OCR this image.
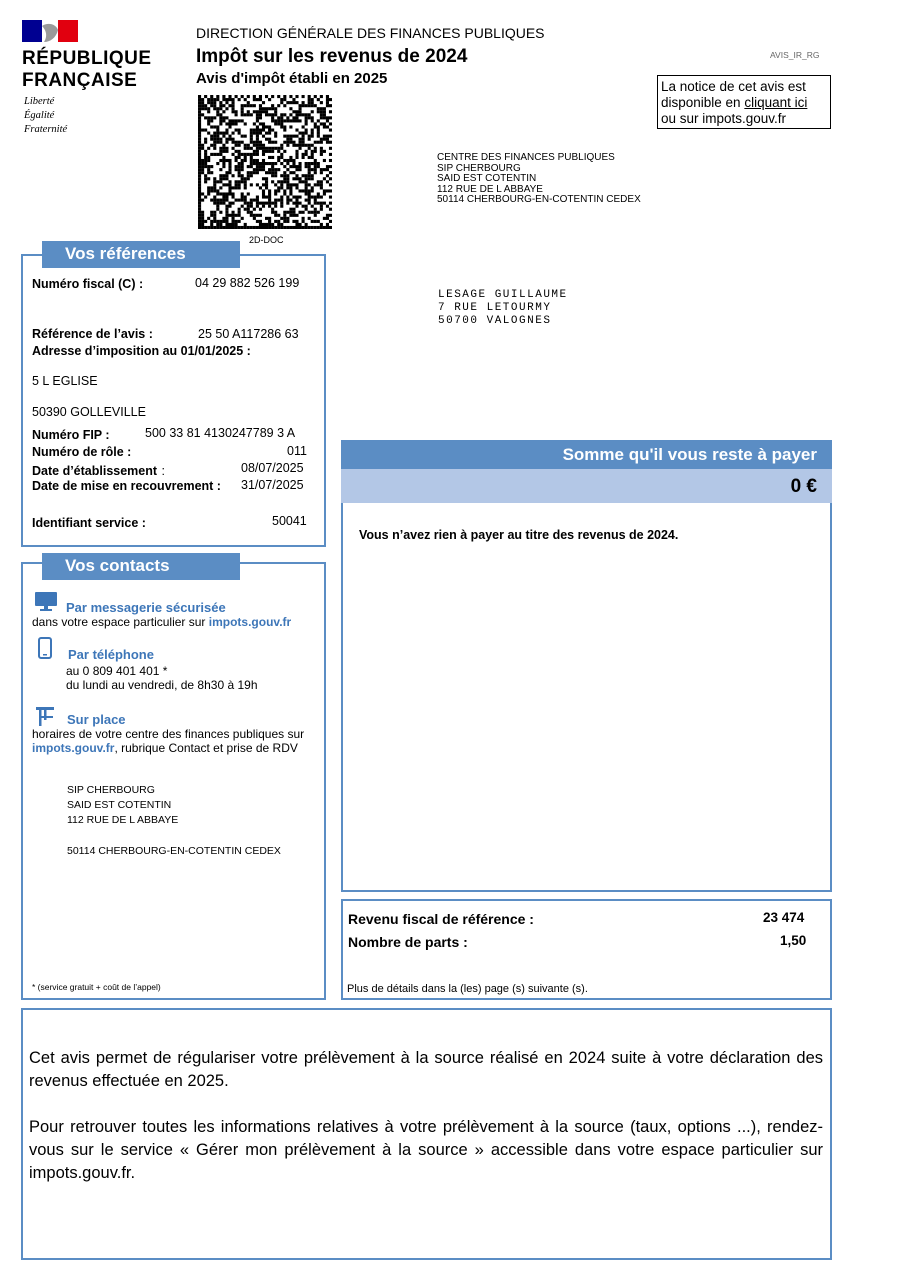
RÉPUBLIQUE
FRANÇAISE
Liberté
Égalité
Fraternité
DIRECTION GÉNÉRALE DES FINANCES PUBLIQUES
Impôt sur les revenus de 2024
Avis d'impôt établi en 2025
AVIS_IR_RG
La notice de cet avis est
disponible en cliquant ici
ou sur impots.gouv.fr
2D-DOC
CENTRE DES FINANCES PUBLIQUES
SIP CHERBOURG
SAID EST COTENTIN
112 RUE DE L ABBAYE
50114 CHERBOURG-EN-COTENTIN CEDEX
LESAGE GUILLAUME
7 RUE LETOURMY
50700 VALOGNES
Vos références
Numéro fiscal (C) :	04 29 882 526 199
Référence de l’avis :	25 50 A117286 63
Adresse d’imposition au 01/01/2025 :
5 L EGLISE
50390 GOLLEVILLE
Numéro FIP :	500 33 81 4130247789 3 A
Numéro de rôle :	011
Date d’établissement :	08/07/2025
Date de mise en recouvrement : 31/07/2025
Identifiant service :	50041
Vos contacts
Par messagerie sécurisée
dans votre espace particulier sur impots.gouv.fr
Par téléphone
au 0 809 401 401 *
du lundi au vendredi, de 8h30 à 19h
Sur place
horaires de votre centre des finances publiques sur
impots.gouv.fr, rubrique Contact et prise de RDV
SIP CHERBOURG
SAID EST COTENTIN
112 RUE DE L ABBAYE
50114 CHERBOURG-EN-COTENTIN CEDEX
* (service gratuit + coût de l’appel)
Somme qu'il vous reste à payer
0 €
Vous n’avez rien à payer au titre des revenus de 2024.
Revenu fiscal de référence :	23 474
Nombre de parts :	1,50
Plus de détails dans la (les) page (s) suivante (s).
Cet avis permet de régulariser votre prélèvement à la source réalisé en 2024 suite à votre déclaration des revenus effectuée en 2025.
Pour retrouver toutes les informations relatives à votre prélèvement à la source (taux, options ...), rendez-vous sur le service « Gérer mon prélèvement à la source » accessible dans votre espace particulier sur impots.gouv.fr.
